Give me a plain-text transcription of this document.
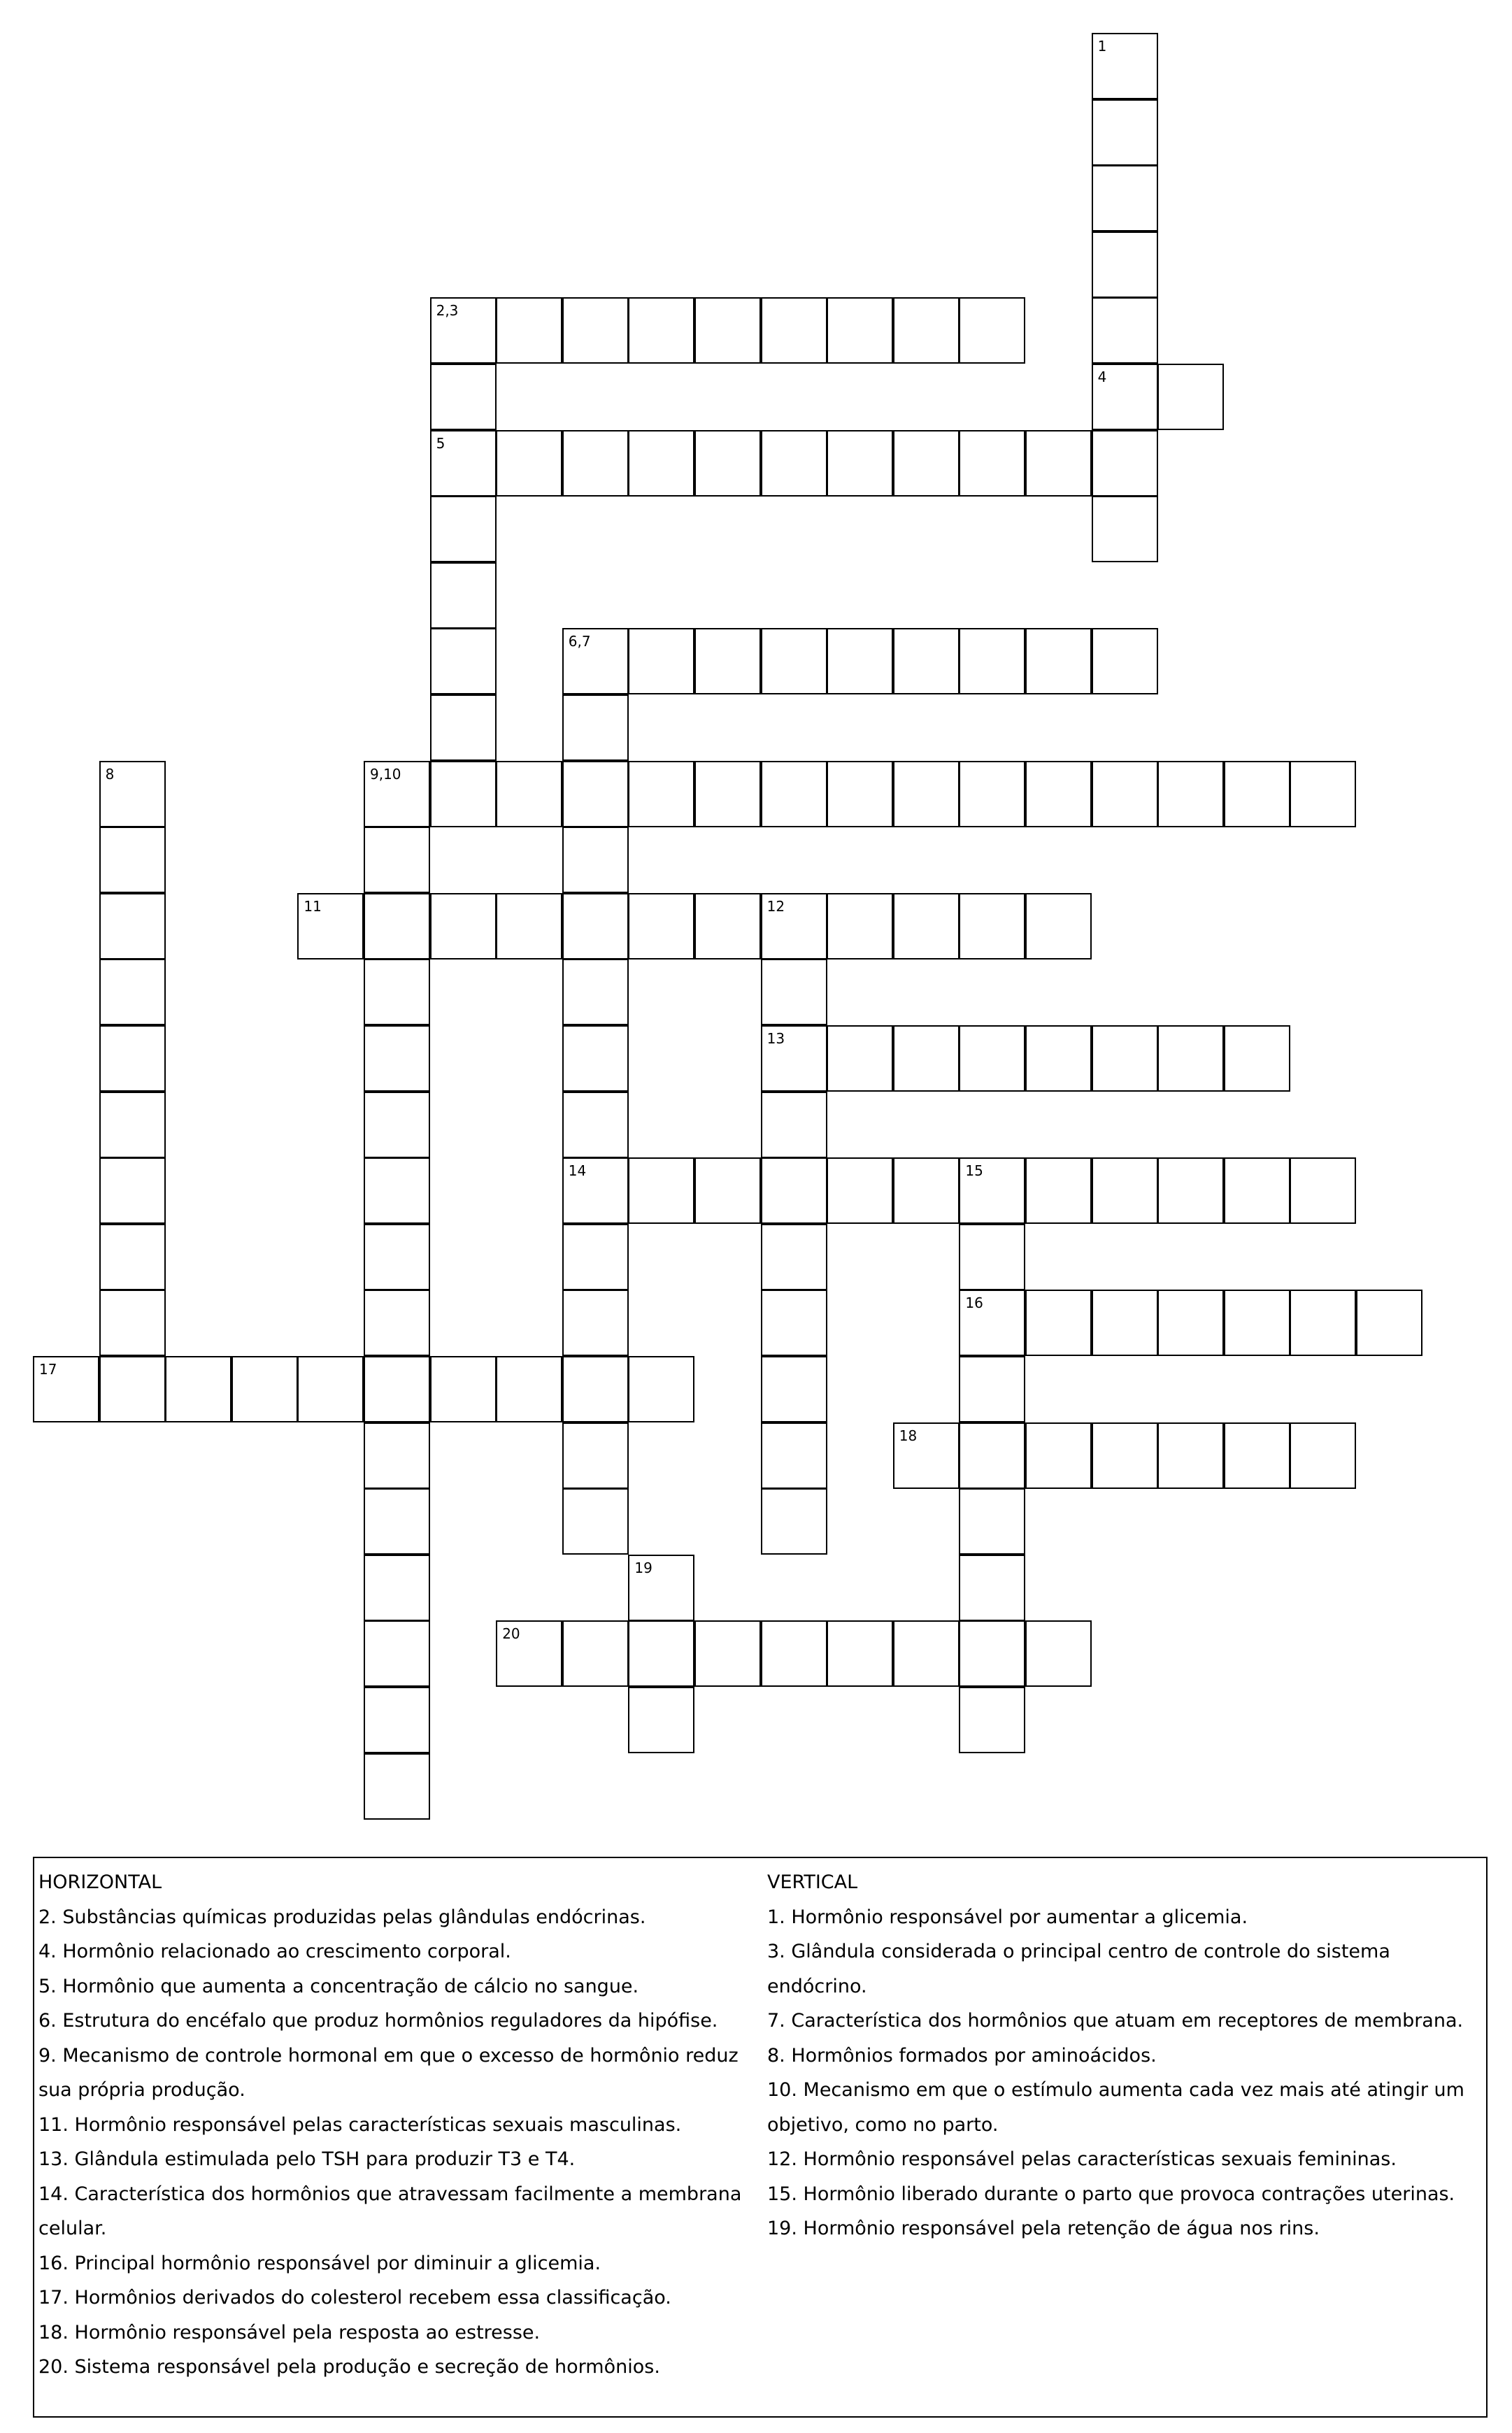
1
4
2,3
5
6,7
9,10
8
11	12
13
14	15
16
17
18
19
20
HORIZONTAL
2. Substâncias químicas produzidas pelas glândulas endócrinas.
4. Hormônio relacionado ao crescimento corporal.
5. Hormônio que aumenta a concentração de cálcio no sangue.
6. Estrutura do encéfalo que produz hormônios reguladores da hipófise.
9. Mecanismo de controle hormonal em que o excesso de hormônio reduz
sua própria produção.
11. Hormônio responsável pelas características sexuais masculinas.
13. Glândula estimulada pelo TSH para produzir T3 e T4.
14. Característica dos hormônios que atravessam facilmente a membrana
celular.
16. Principal hormônio responsável por diminuir a glicemia.
17. Hormônios derivados do colesterol recebem essa classificação.
18. Hormônio responsável pela resposta ao estresse.
20. Sistema responsável pela produção e secreção de hormônios.
VERTICAL
1. Hormônio responsável por aumentar a glicemia.
3. Glândula considerada o principal centro de controle do sistema
endócrino.
7. Característica dos hormônios que atuam em receptores de membrana.
8. Hormônios formados por aminoácidos.
10. Mecanismo em que o estímulo aumenta cada vez mais até atingir um
objetivo, como no parto.
12. Hormônio responsável pelas características sexuais femininas.
15. Hormônio liberado durante o parto que provoca contrações uterinas.
19. Hormônio responsável pela retenção de água nos rins.
